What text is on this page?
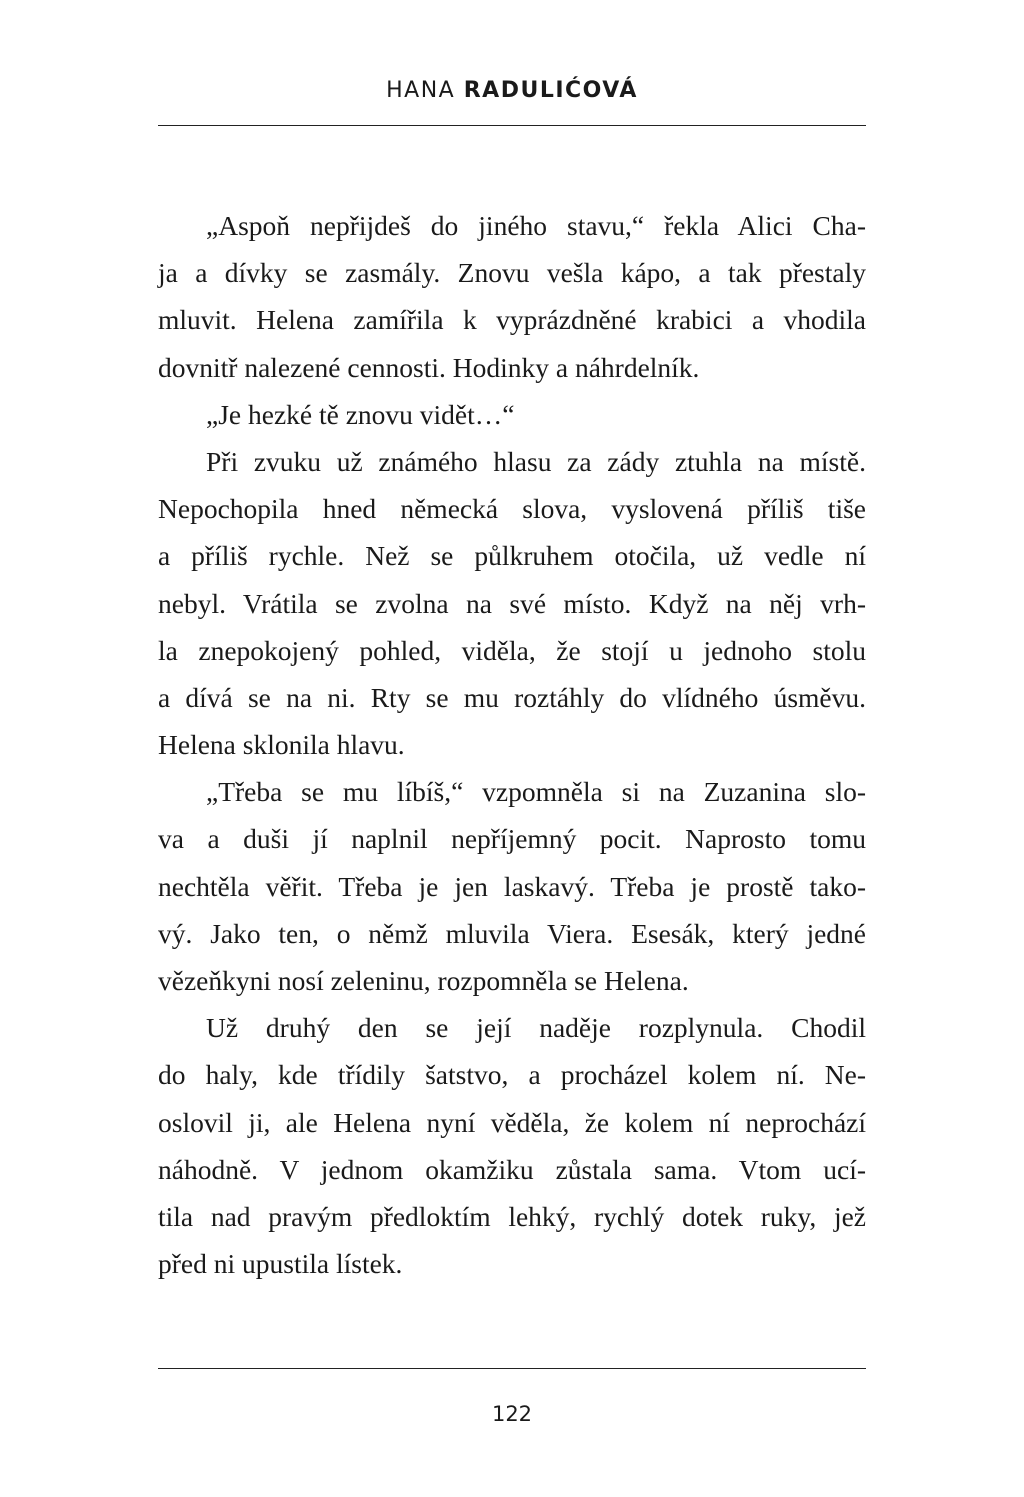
HANA RADULIĆOVÁ
„Aspoň nepřijdeš do jiného stavu,“ řekla Alici Cha-
ja a dívky se zasmály. Znovu vešla kápo, a tak přestaly
mluvit. Helena zamířila k vyprázdněné krabici a vhodila
dovnitř nalezené cennosti. Hodinky a náhrdelník.
„Je hezké tě znovu vidět…“
Při zvuku už známého hlasu za zády ztuhla na místě.
Nepochopila hned německá slova, vyslovená příliš tiše
a příliš rychle. Než se půlkruhem otočila, už vedle ní
nebyl. Vrátila se zvolna na své místo. Když na něj vrh-
la znepokojený pohled, viděla, že stojí u jednoho stolu
a dívá se na ni. Rty se mu roztáhly do vlídného úsměvu.
Helena sklonila hlavu.
„Třeba se mu líbíš,“ vzpomněla si na Zuzanina slo-
va a duši jí naplnil nepříjemný pocit. Naprosto tomu
nechtěla věřit. Třeba je jen laskavý. Třeba je prostě tako-
vý. Jako ten, o němž mluvila Viera. Esesák, který jedné
vězeňkyni nosí zeleninu, rozpomněla se Helena.
Už druhý den se její naděje rozplynula. Chodil
do haly, kde třídily šatstvo, a procházel kolem ní. Ne-
oslovil ji, ale Helena nyní věděla, že kolem ní neprochází
náhodně. V jednom okamžiku zůstala sama. Vtom ucí-
tila nad pravým předloktím lehký, rychlý dotek ruky, jež
před ni upustila lístek.
122
